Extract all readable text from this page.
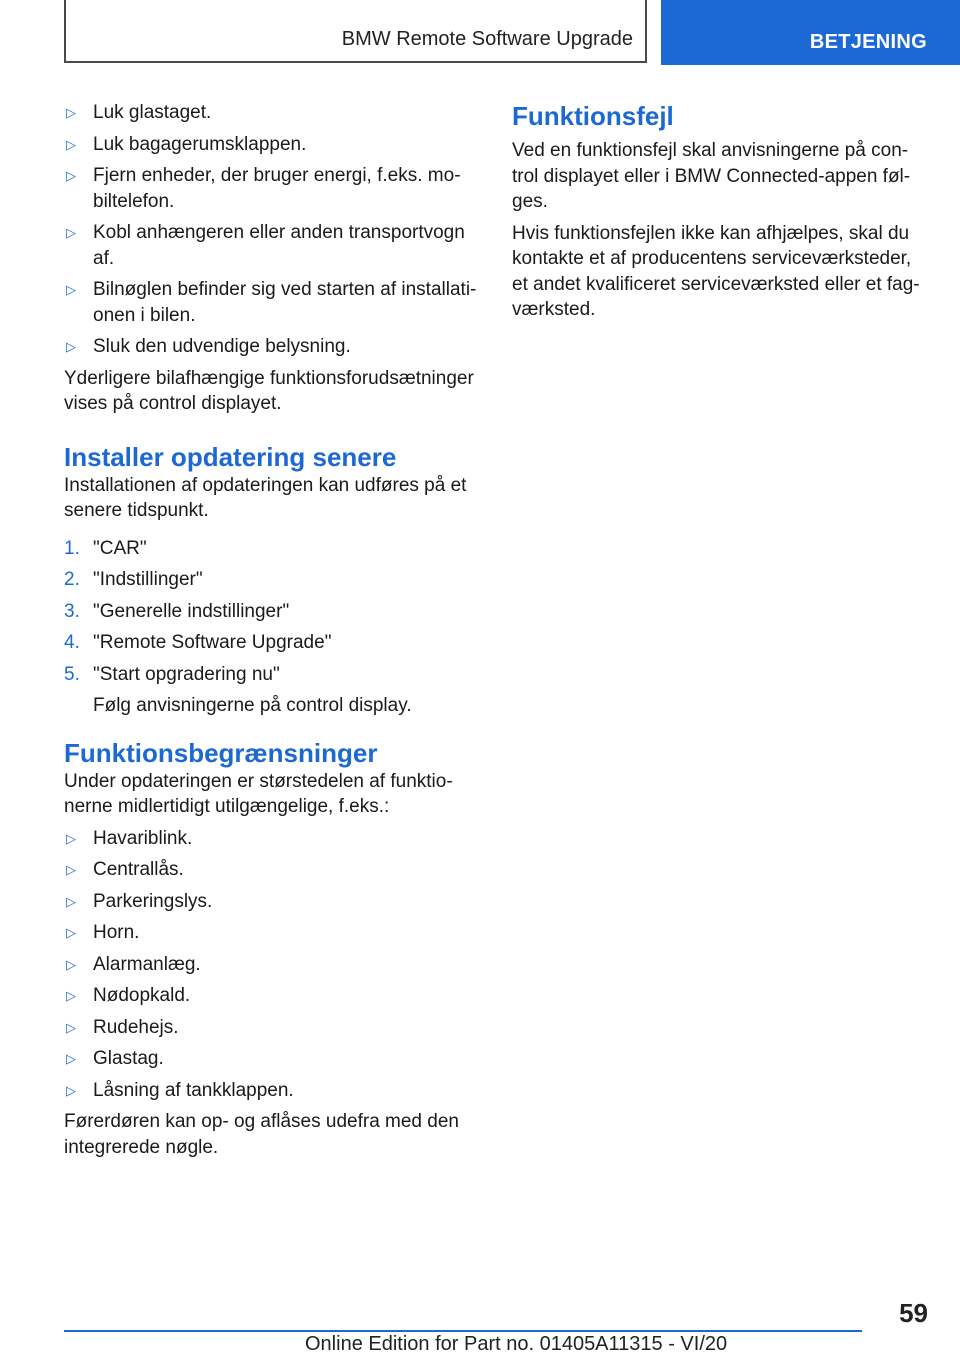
BMW Remote Software Upgrade	BETJENING
▷ Luk glastaget.
▷ Luk bagagerumsklappen.
▷ Fjern enheder, der bruger energi, f.eks. mo‐biltelefon.
▷ Kobl anhængeren eller anden transportvogn af.
▷ Bilnøglen befinder sig ved starten af installati‐onen i bilen.
▷ Sluk den udvendige belysning.

Yderligere bilafhængige funktionsforudsætninger vises på control displayet.

Installer opdatering senere

Installationen af opdateringen kan udføres på et senere tidspunkt.

1. "CAR"
2. "Indstillinger"
3. "Generelle indstillinger"
4. "Remote Software Upgrade"
5. "Start opgradering nu"
Følg anvisningerne på control display.
Funktionsbegrænsninger

Under opdateringen er størstedelen af funktio‐nerne midlertidigt utilgængelige, f.eks.:

▷ Havariblink.
▷ Centrallås.
▷ Parkeringslys.
▷ Horn.
▷ Alarmanlæg.
▷ Nødopkald.
▷ Rudehejs.
▷ Glastag.
▷ Låsning af tankklappen.

Førerdøren kan op- og aflåses udefra med den integrerede nøgle.

Funktionsfejl

Ved en funktionsfejl skal anvisningerne på con‐trol displayet eller i BMW Connected-appen føl‐ges.

Hvis funktionsfejlen ikke kan afhjælpes, skal du kontakte et af producentens serviceværksteder, et andet kvalificeret serviceværksted eller et fag‐værksted.

59
Online Edition for Part no. 01405A11315 - VI/20
